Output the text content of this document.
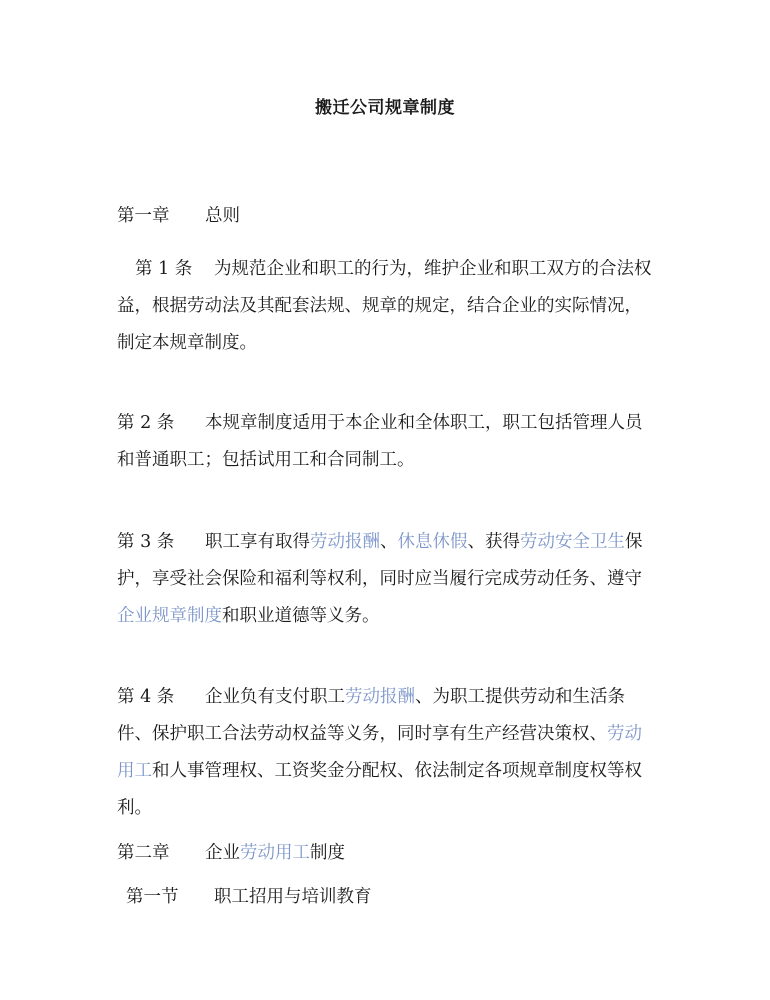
搬迁公司规章制度

第一章 总则

第 1 条 为规范企业和职工的行为，维护企业和职工双方的合法权益，根据劳动法及其配套法规、规章的规定，结合企业的实际情况，制定本规章制度。

第 2 条 本规章制度适用于本企业和全体职工，职工包括管理人员和普通职工；包括试用工和合同制工。

第 3 条 职工享有取得劳动报酬、休息休假、获得劳动安全卫生保护，享受社会保险和福利等权利，同时应当履行完成劳动任务、遵守企业规章制度和职业道德等义务。

第 4 条 企业负有支付职工劳动报酬、为职工提供劳动和生活条件、保护职工合法劳动权益等义务，同时享有生产经营决策权、劳动用工和人事管理权、工资奖金分配权、依法制定各项规章制度权等权利。

第二章 企业劳动用工制度

第一节 职工招用与培训教育
